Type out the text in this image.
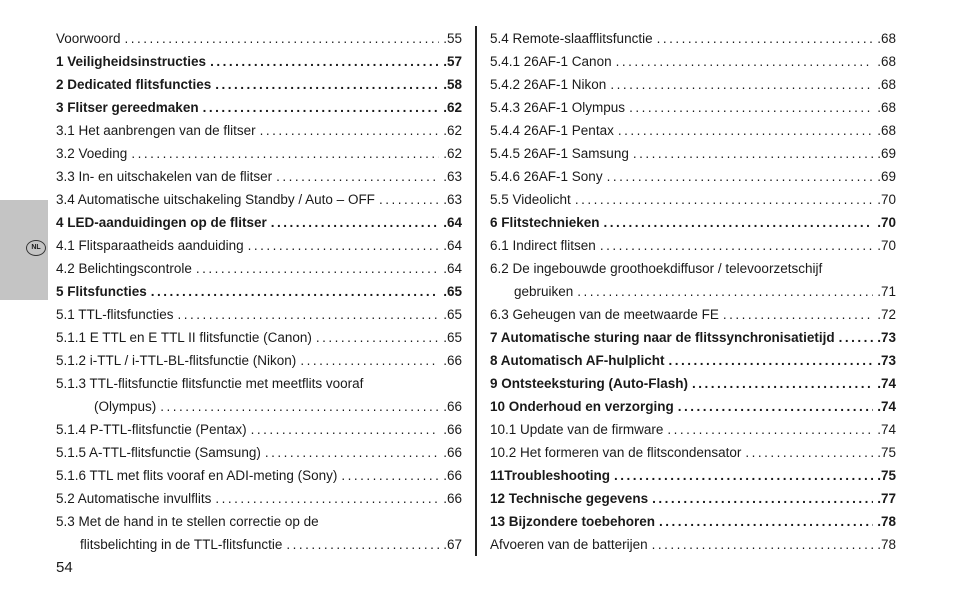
NL
Voorwoord .....	.55
1 Veiligheidsinstructies .....	.57
2 Dedicated flitsfuncties .....	.58
3 Flitser gereedmaken .....	.62
3.1 Het aanbrengen van de flitser .....	.62
3.2 Voeding .....	.62
3.3 In- en uitschakelen van de flitser .....	.63
3.4 Automatische uitschakeling Standby / Auto – OFF .....	.63
4 LED-aanduidingen op de flitser .....	.64
4.1 Flitsparaatheids aanduiding .....	.64
4.2 Belichtingscontrole .....	.64
5 Flitsfuncties .....	.65
5.1 TTL-flitsfuncties .....	.65
5.1.1 E TTL en E TTL II flitsfunctie (Canon) .....	.65
5.1.2 i-TTL / i-TTL-BL-flitsfunctie (Nikon) .....	.66
5.1.3 TTL-flitsfunctie flitsfunctie met meetflits vooraf
(Olympus) .....	.66
5.1.4 P-TTL-flitsfunctie (Pentax) .....	.66
5.1.5 A-TTL-flitsfunctie (Samsung) .....	.66
5.1.6 TTL met flits vooraf en ADI-meting (Sony) .....	.66
5.2 Automatische invulflits .....	.66
5.3 Met de hand in te stellen correctie op de
flitsbelichting in de TTL-flitsfunctie .....	.67
5.4 Remote-slaafflitsfunctie .....	.68
5.4.1 26AF-1 Canon .....	.68
5.4.2 26AF-1 Nikon .....	.68
5.4.3 26AF-1 Olympus .....	.68
5.4.4 26AF-1 Pentax .....	.68
5.4.5 26AF-1 Samsung .....	.69
5.4.6 26AF-1 Sony .....	.69
5.5 Videolicht .....	.70
6 Flitstechnieken .....	.70
6.1 Indirect flitsen .....	.70
6.2 De ingebouwde groothoekdiffusor / televoorzetschijf
gebruiken .....	.71
6.3 Geheugen van de meetwaarde FE .....	.72
7 Automatische sturing naar de flitssynchronisatietijd .....	.73
8 Automatisch AF-hulplicht .....	.73
9 Ontsteeksturing (Auto-Flash) .....	.74
10 Onderhoud en verzorging .....	.74
10.1 Update van de firmware .....	.74
10.2 Het formeren van de flitscondensator .....	.75
11Troubleshooting .....	.75
12 Technische gegevens .....	.77
13 Bijzondere toebehoren .....	.78
Afvoeren van de batterijen .....	.78
54
